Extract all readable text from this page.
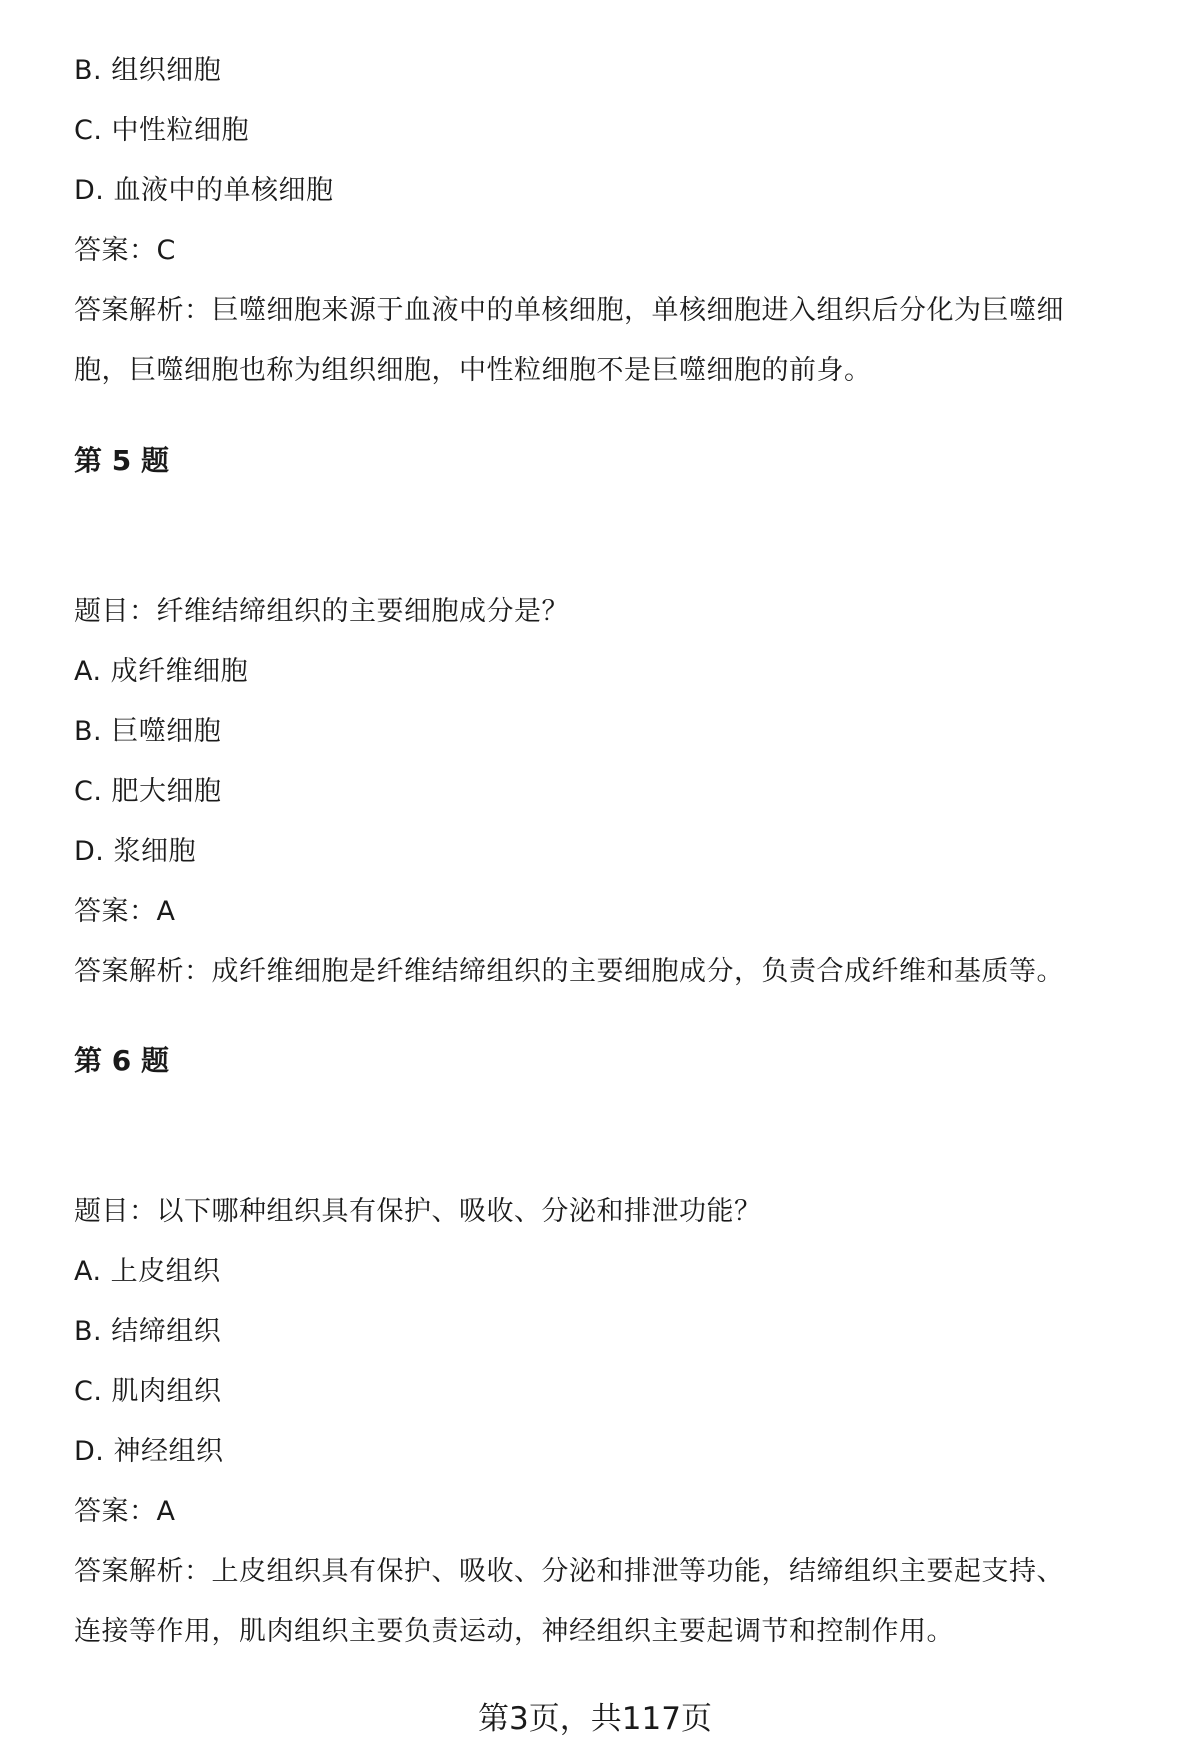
B. 组织细胞
C. 中性粒细胞
D. 血液中的单核细胞
答案：C
答案解析：巨噬细胞来源于血液中的单核细胞，单核细胞进入组织后分化为巨噬细
胞，巨噬细胞也称为组织细胞，中性粒细胞不是巨噬细胞的前身。
第 5 题
题目：纤维结缔组织的主要细胞成分是？
A. 成纤维细胞
B. 巨噬细胞
C. 肥大细胞
D. 浆细胞
答案：A
答案解析：成纤维细胞是纤维结缔组织的主要细胞成分，负责合成纤维和基质等。
第 6 题
题目：以下哪种组织具有保护、吸收、分泌和排泄功能？
A. 上皮组织
B. 结缔组织
C. 肌肉组织
D. 神经组织
答案：A
答案解析：上皮组织具有保护、吸收、分泌和排泄等功能，结缔组织主要起支持、
连接等作用，肌肉组织主要负责运动，神经组织主要起调节和控制作用。
第3页，共117页
